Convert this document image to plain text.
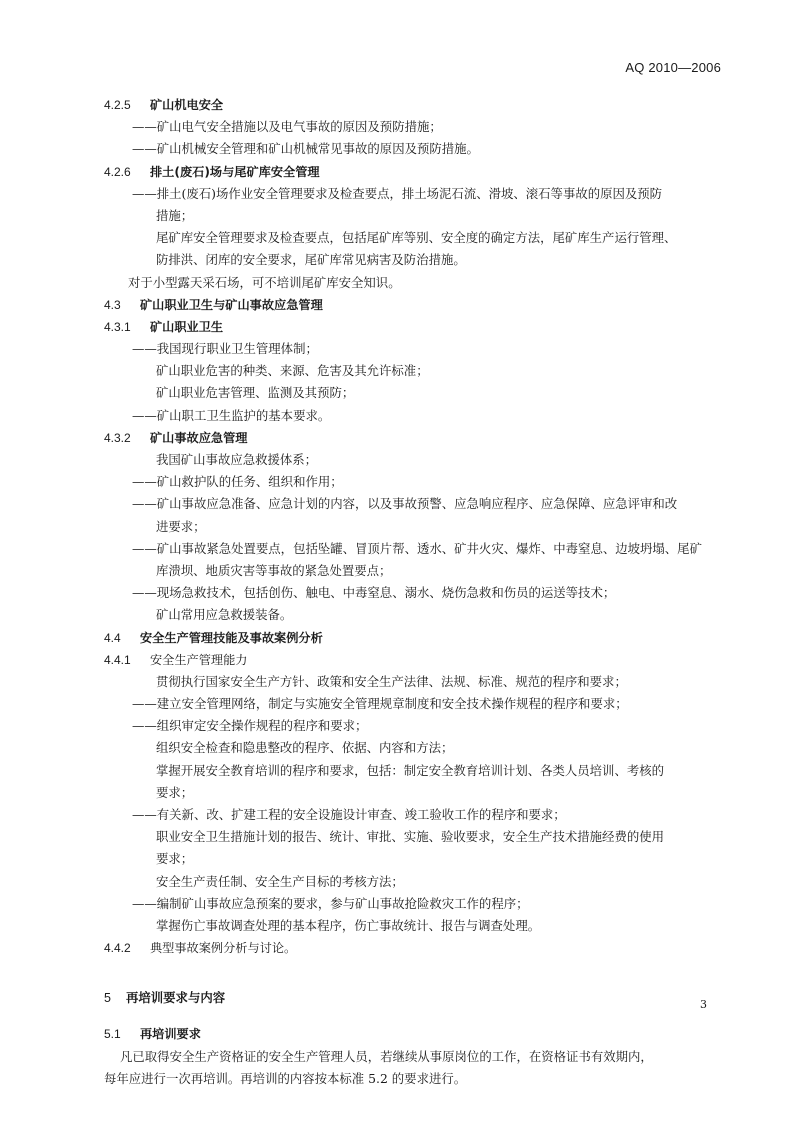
AQ 2010—2006
4.2.5 矿山机电安全
——矿山电气安全措施以及电气事故的原因及预防措施；
——矿山机械安全管理和矿山机械常见事故的原因及预防措施。
4.2.6 排土(废石)场与尾矿库安全管理
——排土(废石)场作业安全管理要求及检查要点，排土场泥石流、滑坡、滚石等事故的原因及预防
措施；
尾矿库安全管理要求及检查要点，包括尾矿库等别、安全度的确定方法，尾矿库生产运行管理、
防排洪、闭库的安全要求，尾矿库常见病害及防治措施。
对于小型露天采石场，可不培训尾矿库安全知识。
4.3 矿山职业卫生与矿山事故应急管理
4.3.1 矿山职业卫生
——我国现行职业卫生管理体制；
矿山职业危害的种类、来源、危害及其允许标准；
矿山职业危害管理、监测及其预防；
——矿山职工卫生监护的基本要求。
4.3.2 矿山事故应急管理
我国矿山事故应急救援体系；
——矿山救护队的任务、组织和作用；
——矿山事故应急准备、应急计划的内容，以及事故预警、应急响应程序、应急保障、应急评审和改
进要求；
——矿山事故紧急处置要点，包括坠罐、冒顶片帮、透水、矿井火灾、爆炸、中毒窒息、边坡坍塌、尾矿
库溃坝、地质灾害等事故的紧急处置要点；
——现场急救技术，包括创伤、触电、中毒窒息、溺水、烧伤急救和伤员的运送等技术；
矿山常用应急救援装备。
4.4 安全生产管理技能及事故案例分析
4.4.1 安全生产管理能力
贯彻执行国家安全生产方针、政策和安全生产法律、法规、标准、规范的程序和要求；
——建立安全管理网络，制定与实施安全管理规章制度和安全技术操作规程的程序和要求；
——组织审定安全操作规程的程序和要求；
组织安全检查和隐患整改的程序、依据、内容和方法；
掌握开展安全教育培训的程序和要求，包括：制定安全教育培训计划、各类人员培训、考核的
要求；
——有关新、改、扩建工程的安全设施设计审查、竣工验收工作的程序和要求；
职业安全卫生措施计划的报告、统计、审批、实施、验收要求，安全生产技术措施经费的使用
要求；
安全生产责任制、安全生产目标的考核方法；
——编制矿山事故应急预案的要求，参与矿山事故抢险救灾工作的程序；
掌握伤亡事故调查处理的基本程序，伤亡事故统计、报告与调查处理。
4.4.2 典型事故案例分析与讨论。
5 再培训要求与内容
5.1 再培训要求
凡已取得安全生产资格证的安全生产管理人员，若继续从事原岗位的工作，在资格证书有效期内，
每年应进行一次再培训。再培训的内容按本标准 5.2 的要求进行。
3
